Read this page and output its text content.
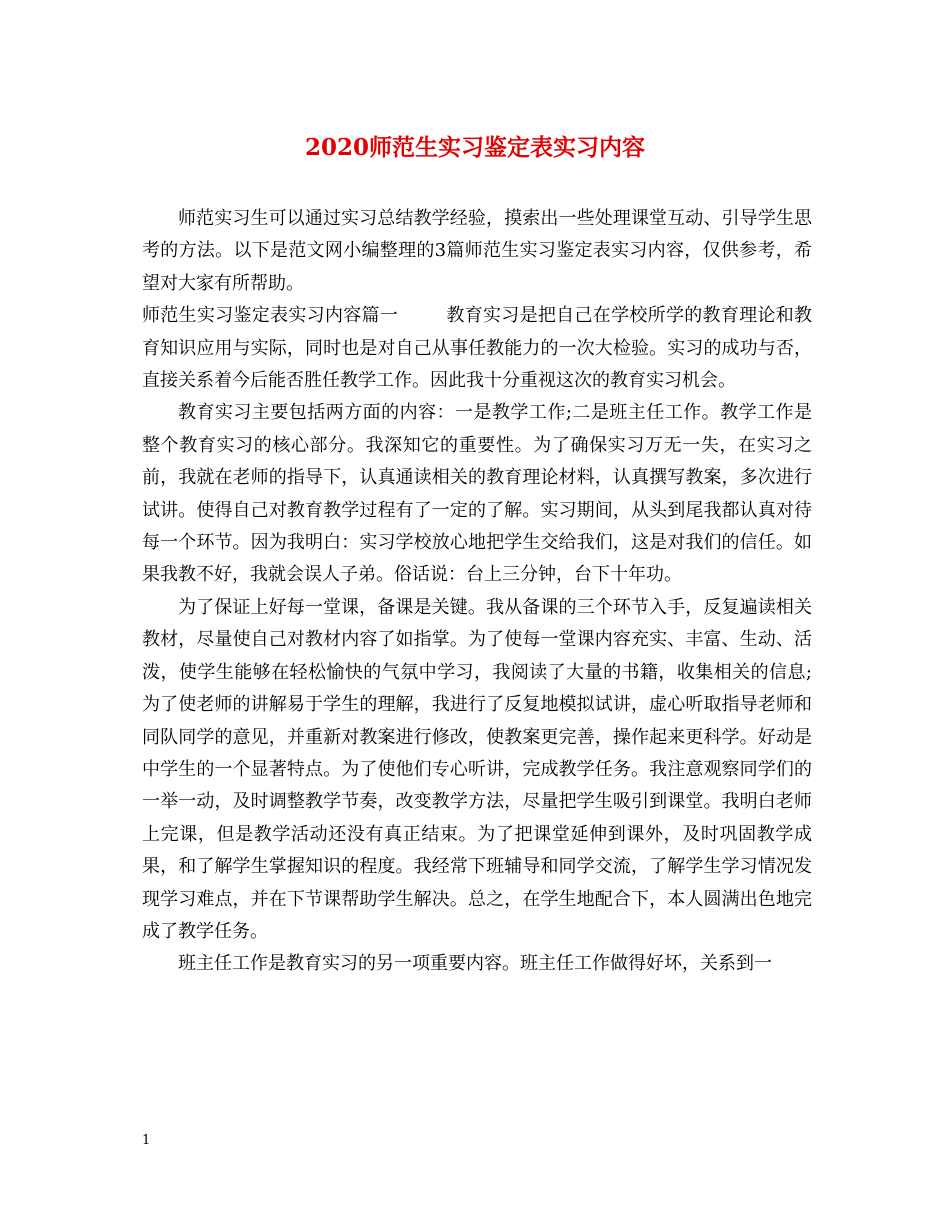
2020师范生实习鉴定表实习内容

师范实习生可以通过实习总结教学经验，摸索出一些处理课堂互动、引导学生思考的方法。以下是范文网小编整理的3篇师范生实习鉴定表实习内容，仅供参考，希望对大家有所帮助。

师范生实习鉴定表实习内容篇一	教育实习是把自己在学校所学的教育理论和教育知识应用与实际，同时也是对自己从事任教能力的一次大检验。实习的成功与否，直接关系着今后能否胜任教学工作。因此我十分重视这次的教育实习机会。

教育实习主要包括两方面的内容：一是教学工作;二是班主任工作。教学工作是整个教育实习的核心部分。我深知它的重要性。为了确保实习万无一失，在实习之前，我就在老师的指导下，认真通读相关的教育理论材料，认真撰写教案，多次进行试讲。使得自己对教育教学过程有了一定的了解。实习期间，从头到尾我都认真对待每一个环节。因为我明白：实习学校放心地把学生交给我们，这是对我们的信任。如果我教不好，我就会误人子弟。俗话说：台上三分钟，台下十年功。

为了保证上好每一堂课，备课是关键。我从备课的三个环节入手，反复遍读相关教材，尽量使自己对教材内容了如指掌。为了使每一堂课内容充实、丰富、生动、活泼，使学生能够在轻松愉快的气氛中学习，我阅读了大量的书籍，收集相关的信息;为了使老师的讲解易于学生的理解，我进行了反复地模拟试讲，虚心听取指导老师和同队同学的意见，并重新对教案进行修改，使教案更完善，操作起来更科学。好动是中学生的一个显著特点。为了使他们专心听讲，完成教学任务。我注意观察同学们的一举一动，及时调整教学节奏，改变教学方法，尽量把学生吸引到课堂。我明白老师上完课，但是教学活动还没有真正结束。为了把课堂延伸到课外，及时巩固教学成果，和了解学生掌握知识的程度。我经常下班辅导和同学交流，了解学生学习情况发现学习难点，并在下节课帮助学生解决。总之，在学生地配合下，本人圆满出色地完成了教学任务。

班主任工作是教育实习的另一项重要内容。班主任工作做得好坏，关系到一

1
